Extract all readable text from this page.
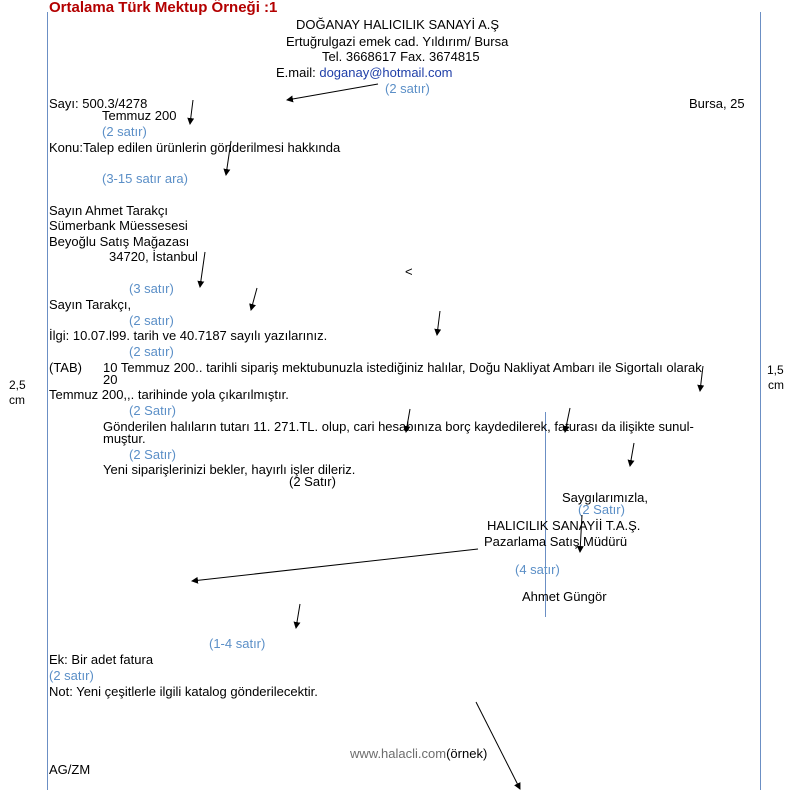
Ortalama Türk Mektup Örneği :1
DOĞANAY HALICILIK SANAYİ A.Ş
Ertuğrulgazi emek cad. Yıldırım/ Bursa
Tel. 3668617 Fax. 3674815
E.mail: doganay@hotmail.com
(2 satır)
2,5
cm
1,5
cm
Sayı: 500.3/4278	Bursa, 25
Temmuz 200
(2 satır)
Konu:Talep edilen ürünlerin gönderilmesi hakkında
(3-15 satır ara)
Sayın Ahmet Tarakçı
Sümerbank Müessesesi
Beyoğlu Satış Mağazası
34720, İstanbul
<
(3 satır)
Sayın Tarakçı,
(2 satır)
İlgi: 10.07.l99. tarih ve 40.7187 sayılı yazılarınız.
(2 satır)
(TAB) 10 Temmuz 200.. tarihli sipariş mektubunuzla istediğiniz halılar, Doğu Nakliyat Ambarı ile Sigortalı olarak
20
Temmuz 200,,. tarihinde yola çıkarılmıştır.
(2 Satır)
Gönderilen halıların tutarı 11. 271.TL. olup, cari hesabınıza borç kaydedilerek, faturası da ilişikte sunul-
muştur.
(2 Satır)
Yeni siparişlerinizi bekler, hayırlı işler dileriz.
(2 Satır)
Saygılarımızla,
(2 Satır)
HALICILIK SANAYİİ T.A.Ş.
Pazarlama Satış Müdürü
(4 satır)
Ahmet Güngör
(1-4 satır)
Ek: Bir adet fatura
(2 satır)
Not: Yeni çeşitlerle ilgili katalog gönderilecektir.
www.halacli.com(örnek)
AG/ZM
